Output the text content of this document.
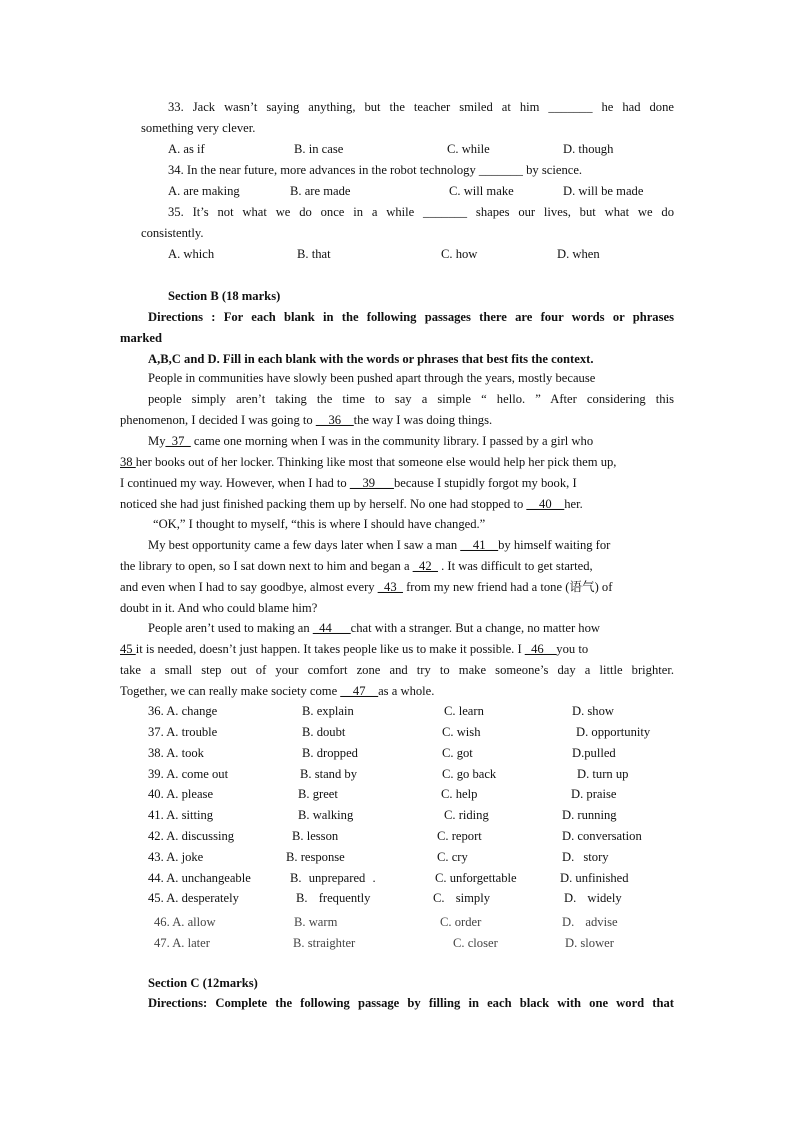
33. Jack wasn’t saying anything, but the teacher smiled at him _______ he had done
something very clever.
A. as if	B. in case	C. while	D. though
34. In the near future, more advances in the robot technology _______ by science.
A. are making	B. are made	C. will make	D. will be made
35. It’s not what we do once in a while _______ shapes our lives, but what we do
consistently.
A. which	B. that	C. how	D. when
Section B (18 marks)
Directions : For each blank in the following passages there are four words or phrases
marked
A,B,C and D. Fill in each blank with the words or phrases that best fits the context.
People in communities have slowly been pushed apart through the years, mostly because
people simply aren’t taking the time to say a simple “ hello. ” After considering this
phenomenon, I decided I was going to __36__the way I was doing things.
My_37_ came one morning when I was in the community library. I passed by a girl who
38 her books out of her locker. Thinking like most that someone else would help her pick them up,
I continued my way. However, when I had to __39___because I stupidly forgot my book, I
noticed she had just finished packing them up by herself. No one had stopped to __40__her.
“OK,” I thought to myself, “this is where I should have changed.”
My best opportunity came a few days later when I saw a man __41__by himself waiting for
the library to open, so I sat down next to him and began a _42_ . It was difficult to get started,
and even when I had to say goodbye, almost every _43_ from my new friend had a tone (语气) of
doubt in it. And who could blame him?
People aren’t used to making an _44___chat with a stranger. But a change, no matter how
45 it is needed, doesn’t just happen. It takes people like us to make it possible. I _46__you to
take a small step out of your comfort zone and try to make someone’s day a little brighter.
Together, we can really make society come __47__as a whole.
36. A. change	B. explain	C. learn	D. show
37. A. trouble	B. doubt	C. wish	D. opportunity
38. A. took	B. dropped	C. got	D.pulled
39. A. come out	B. stand by	C. go back	D. turn up
40. A. please	B. greet	C. help	D. praise
41. A. sitting	B. walking	C. riding	D. running
42. A. discussing	B. lesson	C. report	D. conversation
43. A. joke	B. response	C. cry	D. story
44. A. unchangeable	B. unprepared .	C. unforgettable	D. unfinished
45. A. desperately	B. frequently	C. simply	D. widely
46. A. allow	B. warm	C. order	D. advise
47. A. later	B. straighter	C. closer	D. slower
Section C (12marks)
Directions: Complete the following passage by filling in each black with one word that
